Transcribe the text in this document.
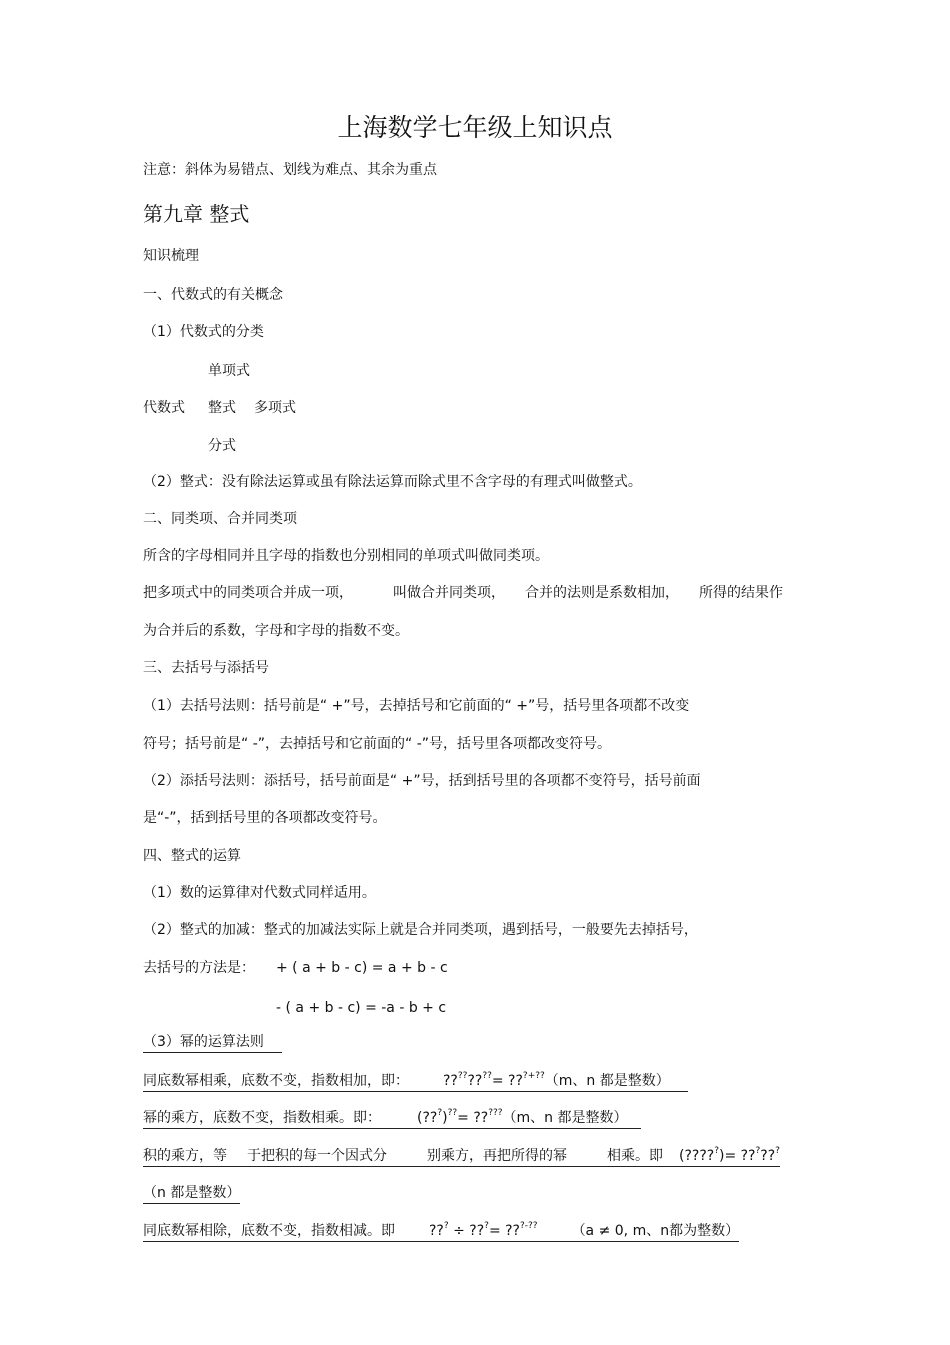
上海数学七年级上知识点
注意：斜体为易错点、划线为难点、其余为重点
第九章 整式
知识梳理
一、代数式的有关概念
（1）代数式的分类
单项式
代数式 整式 多项式
分式
（2）整式：没有除法运算或虽有除法运算而除式里不含字母的有理式叫做整式。
二、同类项、合并同类项
所含的字母相同并且字母的指数也分别相同的单项式叫做同类项。
把多项式中的同类项合并成一项，	叫做合并同类项， 合并的法则是系数相加， 所得的结果作
为合并后的系数，字母和字母的指数不变。
三、去括号与添括号
（1）去括号法则：括号前是“ +”号，去掉括号和它前面的“ +”号，括号里各项都不改变
符号；括号前是“ -”，去掉括号和它前面的“ -”号，括号里各项都改变符号。
（2）添括号法则：添括号，括号前面是“ +”号，括到括号里的各项都不变符号，括号前面
是“-”，括到括号里的各项都改变符号。
四、整式的运算
（1）数的运算律对代数式同样适用。
（2）整式的加减：整式的加减法实际上就是合并同类项，遇到括号，一般要先去掉括号，
去括号的方法是： + ( a + b - c) = a + b - c
- ( a + b - c) = -a - b + c
（3）幂的运算法则
同底数幂相乘，底数不变，指数相加，即： ????????= ???+??（m、n 都是整数）
幂的乘方，底数不变，指数相乘。即：	(???)??= ?????（m、n 都是整数）
积的乘方，等 于把积的每一个因式分	别乘方，再把所得的幂	相乘。即 (?????)= ??????
（n 都是整数）
同底数幂相除，底数不变，指数相减。即 ??? ÷ ???= ???-?? （a ≠ 0, m、n都为整数）
